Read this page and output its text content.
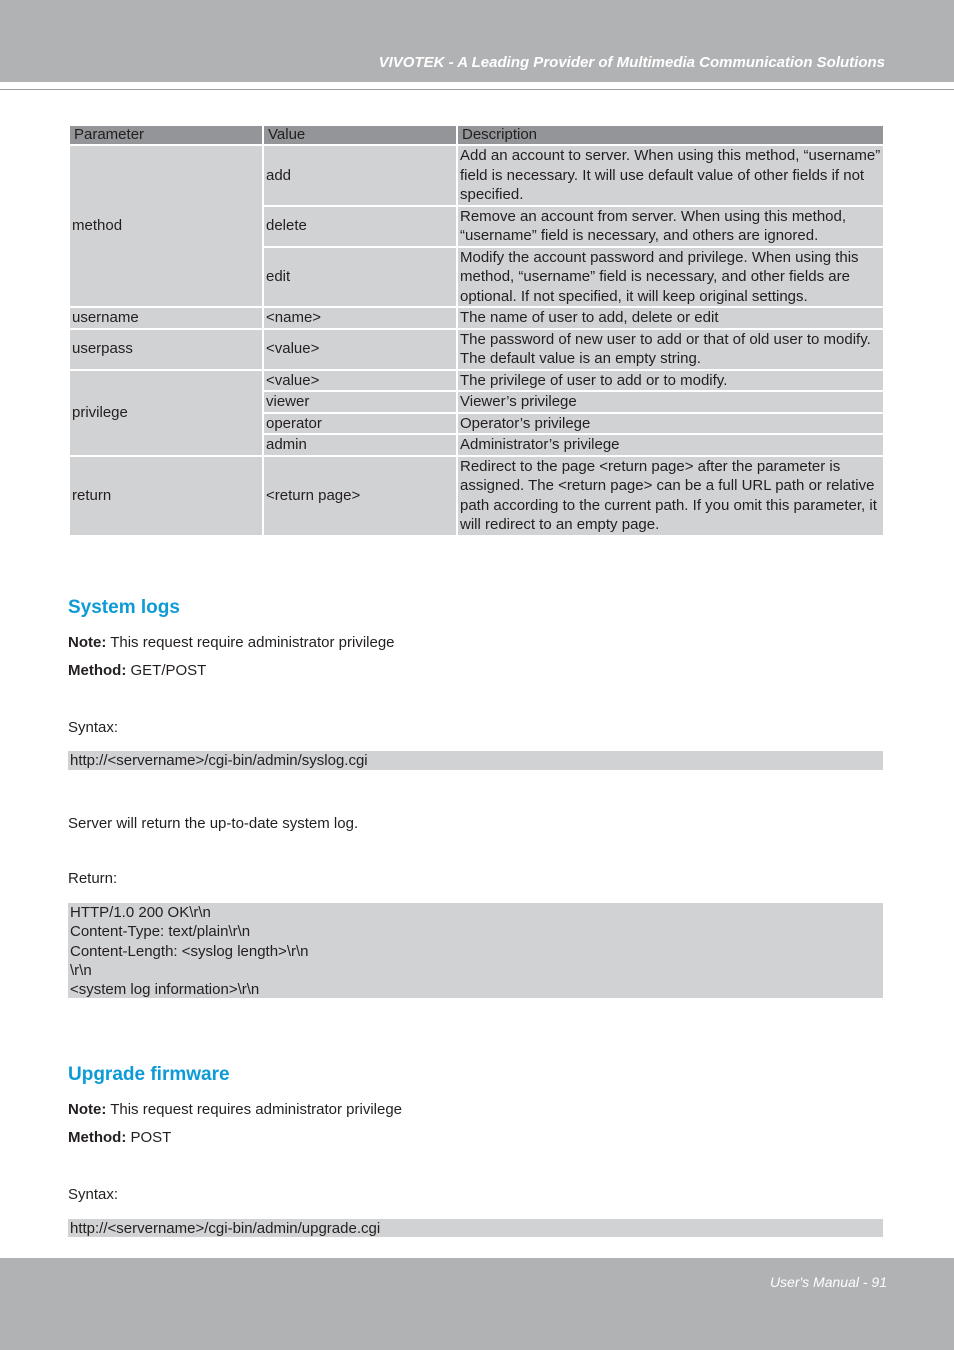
VIVOTEK - A Leading Provider of Multimedia Communication Solutions
Parameter	Value	Description
method	add	Add an account to server. When using this method, “username” field is necessary. It will use default value of other fields if not specified.
	delete	Remove an account from server. When using this method, “username” field is necessary, and others are ignored.
	edit	Modify the account password and privilege. When using this method, “username” field is necessary, and other fields are optional. If not specified, it will keep original settings.
username	<name>	The name of user to add, delete or edit
userpass	<value>	The password of new user to add or that of old user to modify. The default value is an empty string.
privilege	<value>	The privilege of user to add or to modify.
	viewer	Viewer’s privilege
	operator	Operator’s privilege
	admin	Administrator’s privilege
return	<return page>	Redirect to the page <return page> after the parameter is assigned. The <return page> can be a full URL path or relative path according to the current path. If you omit this parameter, it will redirect to an empty page.
System logs
Note: This request require administrator privilege
Method: GET/POST
Syntax:
http://<servername>/cgi-bin/admin/syslog.cgi
Server will return the up-to-date system log.
Return:
HTTP/1.0 200 OK\r\n
Content-Type: text/plain\r\n
Content-Length: <syslog length>\r\n
\r\n
<system log information>\r\n
Upgrade firmware
Note: This request requires administrator privilege
Method: POST
Syntax:
http://<servername>/cgi-bin/admin/upgrade.cgi
User's Manual - 91
